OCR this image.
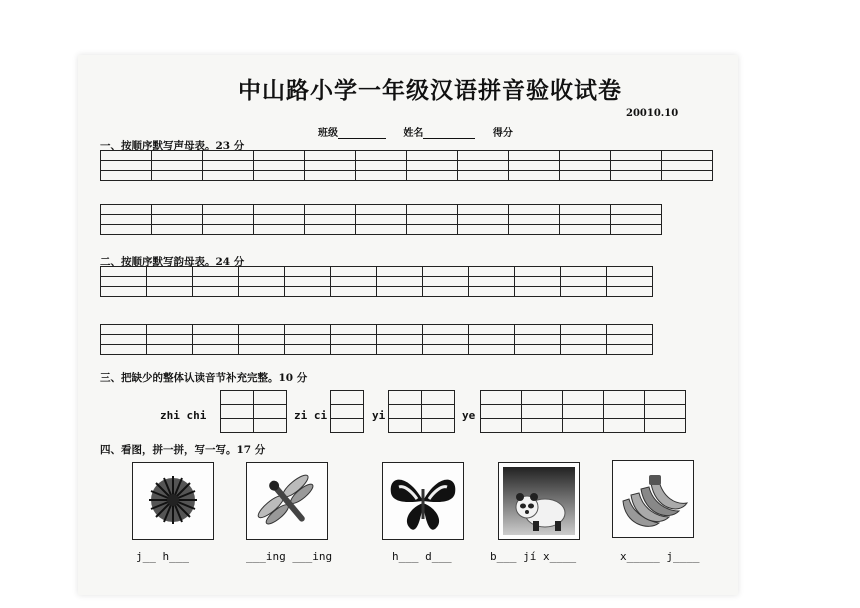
中山路小学一年级汉语拼音验收试卷
20010.10
班级	姓名	得分
一、按顺序默写声母表。23 分

二、按顺序默写韵母表。24 分

三、把缺少的整体认读音节补充完整。10 分
zhi chi

		zi ci	yi

		ye

四、看图，拼一拼，写一写。17 分
j__ h___	___ing ___ing	h___ d___	b___ jí x____	x_____ j____
